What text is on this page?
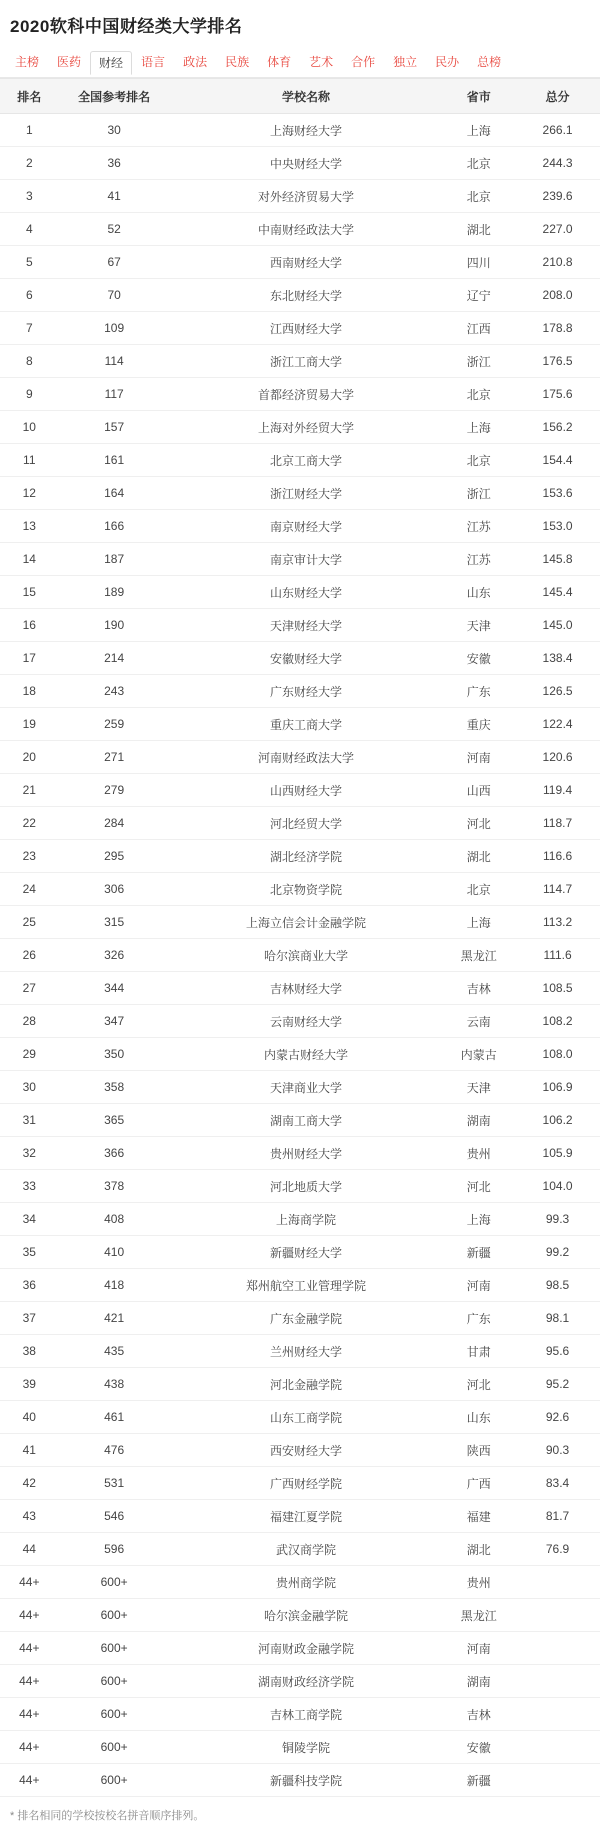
2020软科中国财经类大学排名
主榜	医药	财经	语言	政法	民族	体育	艺术	合作	独立	民办	总榜
排名	全国参考排名	学校名称	省市	总分
1	30	上海财经大学	上海	266.1
2	36	中央财经大学	北京	244.3
3	41	对外经济贸易大学	北京	239.6
4	52	中南财经政法大学	湖北	227.0
5	67	西南财经大学	四川	210.8
6	70	东北财经大学	辽宁	208.0
7	109	江西财经大学	江西	178.8
8	114	浙江工商大学	浙江	176.5
9	117	首都经济贸易大学	北京	175.6
10	157	上海对外经贸大学	上海	156.2
11	161	北京工商大学	北京	154.4
12	164	浙江财经大学	浙江	153.6
13	166	南京财经大学	江苏	153.0
14	187	南京审计大学	江苏	145.8
15	189	山东财经大学	山东	145.4
16	190	天津财经大学	天津	145.0
17	214	安徽财经大学	安徽	138.4
18	243	广东财经大学	广东	126.5
19	259	重庆工商大学	重庆	122.4
20	271	河南财经政法大学	河南	120.6
21	279	山西财经大学	山西	119.4
22	284	河北经贸大学	河北	118.7
23	295	湖北经济学院	湖北	116.6
24	306	北京物资学院	北京	114.7
25	315	上海立信会计金融学院	上海	113.2
26	326	哈尔滨商业大学	黑龙江	111.6
27	344	吉林财经大学	吉林	108.5
28	347	云南财经大学	云南	108.2
29	350	内蒙古财经大学	内蒙古	108.0
30	358	天津商业大学	天津	106.9
31	365	湖南工商大学	湖南	106.2
32	366	贵州财经大学	贵州	105.9
33	378	河北地质大学	河北	104.0
34	408	上海商学院	上海	99.3
35	410	新疆财经大学	新疆	99.2
36	418	郑州航空工业管理学院	河南	98.5
37	421	广东金融学院	广东	98.1
38	435	兰州财经大学	甘肃	95.6
39	438	河北金融学院	河北	95.2
40	461	山东工商学院	山东	92.6
41	476	西安财经大学	陕西	90.3
42	531	广西财经学院	广西	83.4
43	546	福建江夏学院	福建	81.7
44	596	武汉商学院	湖北	76.9
44+	600+	贵州商学院	贵州	
44+	600+	哈尔滨金融学院	黑龙江	
44+	600+	河南财政金融学院	河南	
44+	600+	湖南财政经济学院	湖南	
44+	600+	吉林工商学院	吉林	
44+	600+	铜陵学院	安徽	
44+	600+	新疆科技学院	新疆	
* 排名相同的学校按校名拼音顺序排列。
